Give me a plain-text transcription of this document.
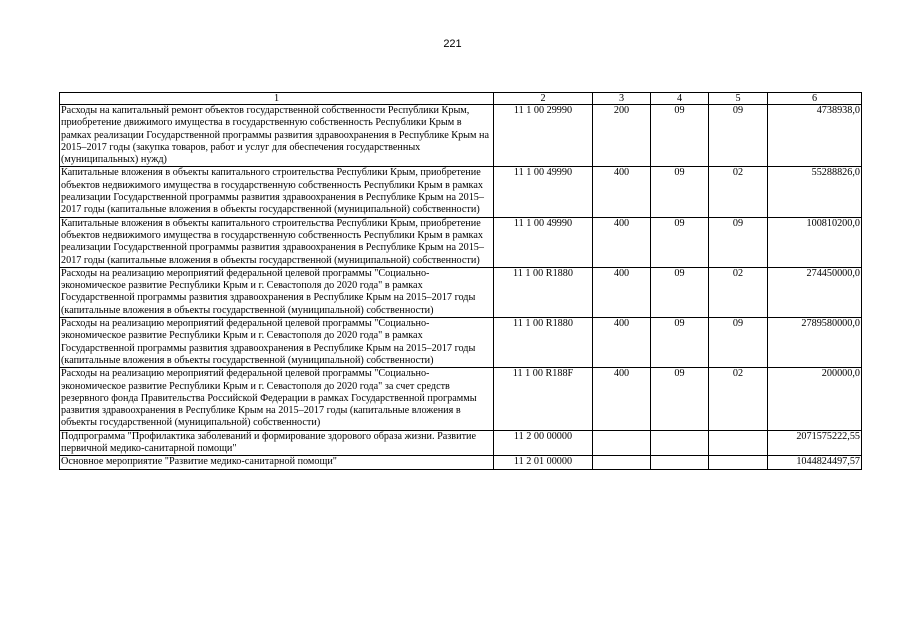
221
1	2	3	4	5	6
Расходы на капитальный ремонт объектов государственной собственности Республики Крым, приобретение движимого имущества в государственную собственность Республики Крым в рамках реализации Государственной программы развития здравоохранения в Республике Крым на 2015–2017 годы (закупка товаров, работ и услуг для обеспечения государственных (муниципальных) нужд)	11 1 00 29990	200	09	09	4738938,0
Капитальные вложения в объекты капитального строительства Республики Крым, приобретение объектов недвижимого имущества в государственную собственность Республики Крым в рамках реализации Государственной программы развития здравоохранения в Республике Крым на 2015–2017 годы (капитальные вложения в объекты государственной (муниципальной) собственности)	11 1 00 49990	400	09	02	55288826,0
Капитальные вложения в объекты капитального строительства Республики Крым, приобретение объектов недвижимого имущества в государственную собственность Республики Крым в рамках реализации Государственной программы развития здравоохранения в Республике Крым на 2015–2017 годы (капитальные вложения в объекты государственной (муниципальной) собственности)	11 1 00 49990	400	09	09	100810200,0
Расходы на реализацию мероприятий федеральной целевой программы "Социально-экономическое развитие Республики Крым и г. Севастополя до 2020 года" в рамках Государственной программы развития здравоохранения в Республике Крым на 2015–2017 годы (капитальные вложения в объекты государственной (муниципальной) собственности)	11 1 00 R1880	400	09	02	274450000,0
Расходы на реализацию мероприятий федеральной целевой программы "Социально-экономическое развитие Республики Крым и г. Севастополя до 2020 года" в рамках Государственной программы развития здравоохранения в Республике Крым на 2015–2017 годы (капитальные вложения в объекты государственной (муниципальной) собственности)	11 1 00 R1880	400	09	09	2789580000,0
Расходы на реализацию мероприятий федеральной целевой программы "Социально-экономическое развитие Республики Крым и г. Севастополя до 2020 года" за счет средств резервного фонда Правительства Российской Федерации в рамках Государственной программы развития здравоохранения в Республике Крым на 2015–2017 годы (капитальные вложения в объекты государственной (муниципальной) собственности)	11 1 00 R188F	400	09	02	200000,0
Подпрограмма "Профилактика заболеваний и формирование здорового образа жизни. Развитие первичной медико-санитарной помощи"	11 2 00 00000				2071575222,55
Основное мероприятие "Развитие медико-санитарной помощи"	11 2 01 00000				1044824497,57
